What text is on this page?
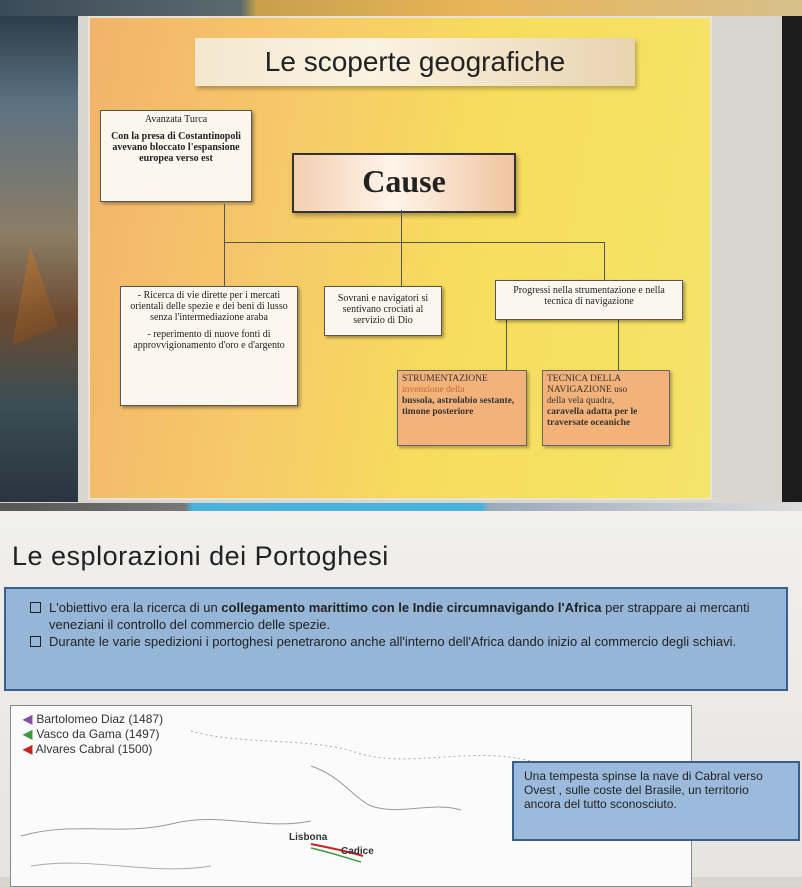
Le scoperte geografiche
Avanzata Turca
Con la presa di Costantinopoli avevano bloccato l'espansione europea verso est
Cause
- Ricerca di vie dirette per i mercati orientali delle spezie e dei beni di lusso senza l'intermediazione araba
- reperimento di nuove fonti di approvvigionamento d'oro e d'argento
Sovrani e navigatori si sentivano crociati al servizio di Dio
Progressi nella strumentazione e nella tecnica di navigazione
STRUMENTAZIONE
invenzione della
bussola, astrolabio sestante, timone posteriore
TECNICA DELLA NAVIGAZIONE uso
della vela quadra,
caravella adatta per le traversate oceaniche
Le esplorazioni dei Portoghesi
L'obiettivo era la ricerca di un collegamento marittimo con le Indie circumnavigando l'Africa per strappare ai mercanti veneziani il controllo del commercio delle spezie.
Durante le varie spedizioni i portoghesi penetrarono anche all'interno dell'Africa dando inizio al commercio degli schiavi.
◀ Bartolomeo Diaz (1487)
◀ Vasco da Gama (1497)
◀ Alvares Cabral (1500)
Lisbona
Cadice
Una tempesta spinse la nave di Cabral verso Ovest , sulle coste del Brasile, un territorio ancora del tutto sconosciuto.
